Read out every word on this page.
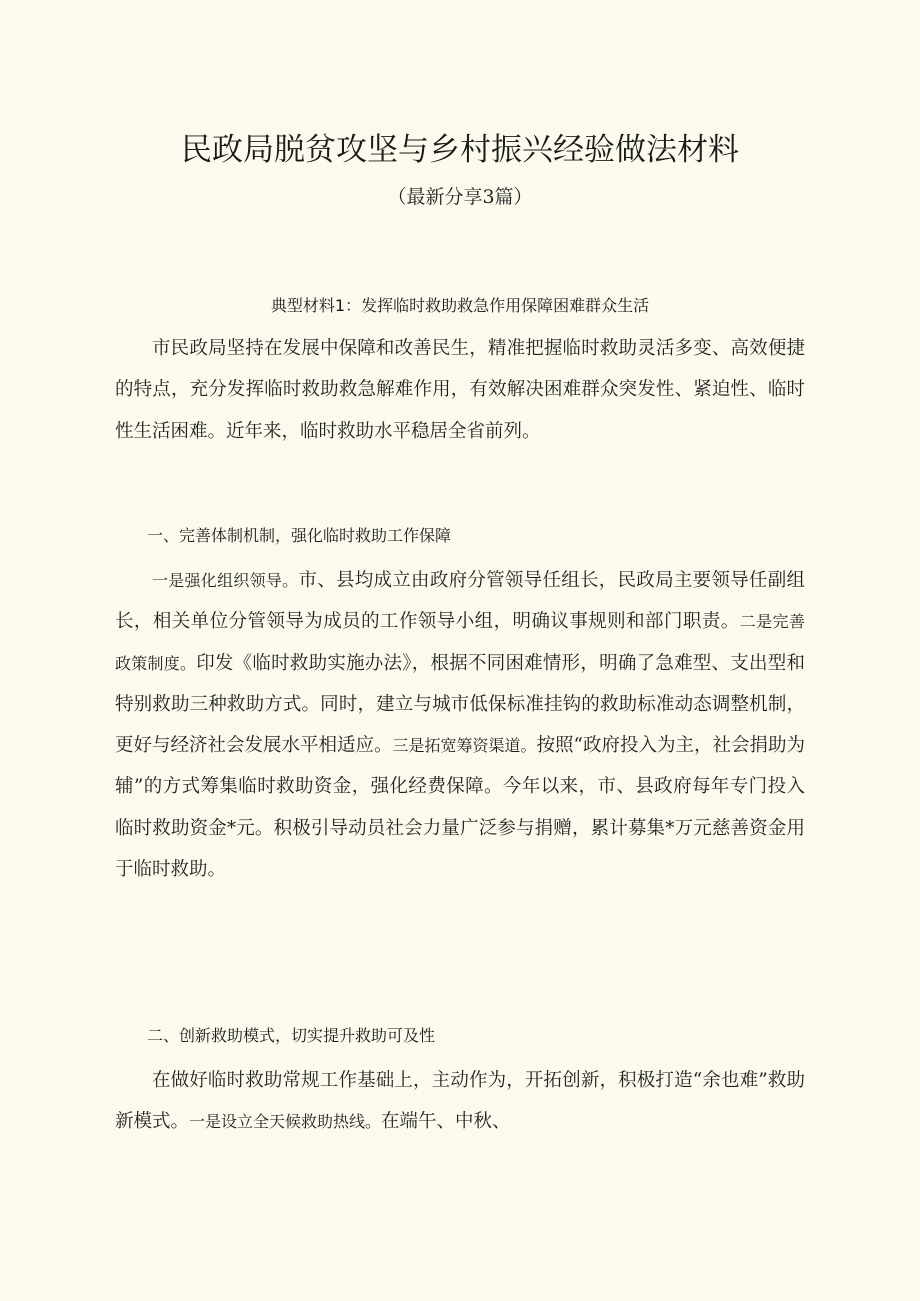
民政局脱贫攻坚与乡村振兴经验做法材料
（最新分享3篇）
典型材料1：发挥临时救助救急作用保障困难群众生活

市民政局坚持在发展中保障和改善民生，精准把握临时救助灵活多变、高效便捷的特点，充分发挥临时救助救急解难作用，有效解决困难群众突发性、紧迫性、临时性生活困难。近年来，临时救助水平稳居全省前列。

一、完善体制机制，强化临时救助工作保障

一是强化组织领导。市、县均成立由政府分管领导任组长，民政局主要领导任副组长，相关单位分管领导为成员的工作领导小组，明确议事规则和部门职责。二是完善政策制度。印发《临时救助实施办法》，根据不同困难情形，明确了急难型、支出型和特别救助三种救助方式。同时，建立与城市低保标准挂钩的救助标准动态调整机制，更好与经济社会发展水平相适应。三是拓宽筹资渠道。按照“政府投入为主，社会捐助为辅”的方式筹集临时救助资金，强化经费保障。今年以来，市、县政府每年专门投入临时救助资金*元。积极引导动员社会力量广泛参与捐赠，累计募集*万元慈善资金用于临时救助。

二、创新救助模式，切实提升救助可及性

在做好临时救助常规工作基础上，主动作为，开拓创新，积极打造“余也难”救助新模式。一是设立全天候救助热线。在端午、中秋、
